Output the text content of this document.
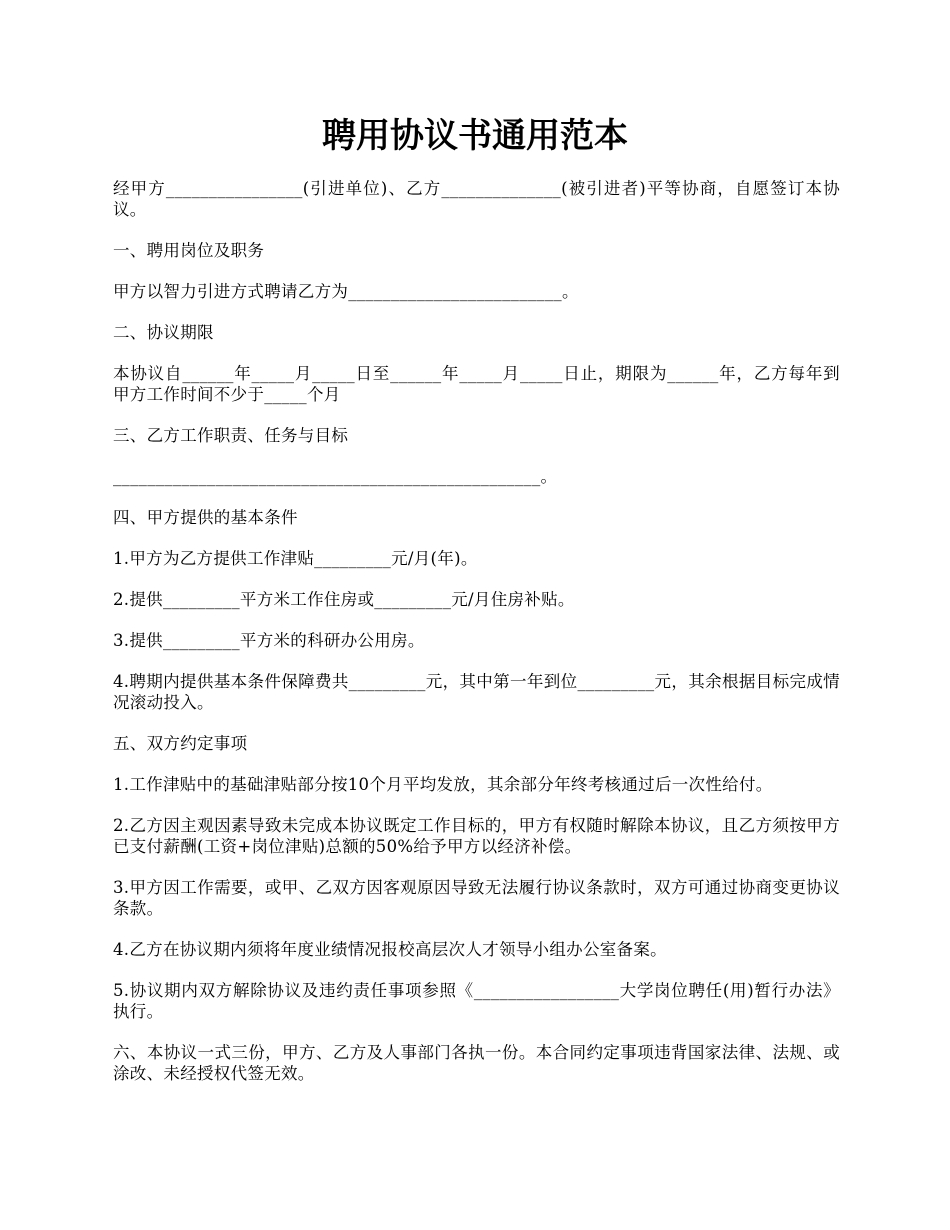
聘用协议书通用范本

经甲方________________(引进单位)、乙方______________(被引进者)平等协商，自愿签订本协议。

一、聘用岗位及职务

甲方以智力引进方式聘请乙方为_________________________。

二、协议期限

本协议自______年_____月_____日至______年_____月_____日止，期限为______年，乙方每年到甲方工作时间不少于_____个月

三、乙方工作职责、任务与目标

__________________________________________________。

四、甲方提供的基本条件

1.甲方为乙方提供工作津贴_________元/月(年)。

2.提供_________平方米工作住房或_________元/月住房补贴。

3.提供_________平方米的科研办公用房。

4.聘期内提供基本条件保障费共_________元，其中第一年到位_________元，其余根据目标完成情况滚动投入。

五、双方约定事项

1.工作津贴中的基础津贴部分按10个月平均发放，其余部分年终考核通过后一次性给付。

2.乙方因主观因素导致未完成本协议既定工作目标的，甲方有权随时解除本协议，且乙方须按甲方已支付薪酬(工资+岗位津贴)总额的50%给予甲方以经济补偿。

3.甲方因工作需要，或甲、乙双方因客观原因导致无法履行协议条款时，双方可通过协商变更协议条款。

4.乙方在协议期内须将年度业绩情况报校高层次人才领导小组办公室备案。

5.协议期内双方解除协议及违约责任事项参照《_________________大学岗位聘任(用)暂行办法》执行。

六、本协议一式三份，甲方、乙方及人事部门各执一份。本合同约定事项违背国家法律、法规、或涂改、未经授权代签无效。
